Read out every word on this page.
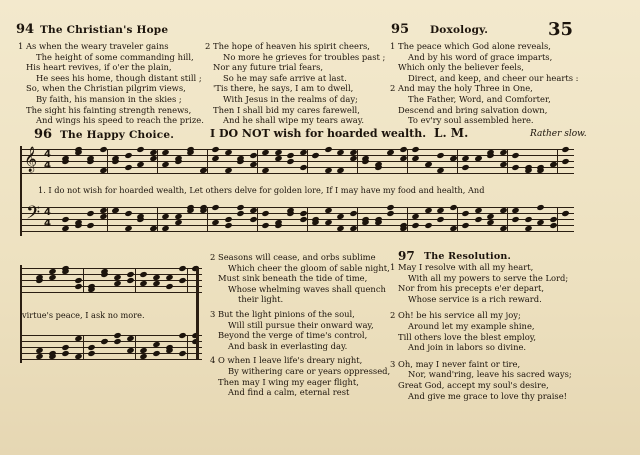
94 The Christian's Hope	95 Doxology.	35
1 As when the weary traveler gains
The height of some commanding hill,
His heart revives, if o'er the plain,
He sees his home, though distant still ;
So, when the Christian pilgrim views,
By faith, his mansion in the skies ;
The sight his fainting strength renews,
And wings his speed to reach the prize.
2 The hope of heaven his spirit cheers,
No more he grieves for troubles past ;
Nor any future trial fears,
So he may safe arrive at last.
'Tis there, he says, I am to dwell,
With Jesus in the realms of day;
Then I shall bid my cares farewell,
And he shall wipe my tears away.
1 The peace which God alone reveals,
And by his word of grace imparts,
Which only the believer feels,
Direct, and keep, and cheer our hearts :
2 And may the holy Three in One,
The Father, Word, and Comforter,
Descend and bring salvation down,
To ev'ry soul assembled here.
96 The Happy Choice.	I DO NOT wish for hoarded wealth. L. M.	Rather slow.
𝄞 4
4
1. I do not wish for hoarded wealth, Let others delve for golden lore, If I may have my food and health, And
𝄢 4
4
virtue's peace, I ask no more.
2 Seasons will cease, and orbs sublime
Which cheer the gloom of sable night,
Must sink beneath the tide of time,
Whose whelming waves shall quench
their light.
3 But the light pinions of the soul,
Will still pursue their onward way,
Beyond the verge of time's control,
And bask in everlasting day.
4 O when I leave life's dreary night,
By withering care or years oppressed,
Then may I wing my eager flight,
And find a calm, eternal rest
97 The Resolution.
1 May I resolve with all my heart,
With all my powers to serve the Lord;
Nor from his precepts e'er depart,
Whose service is a rich reward.
2 Oh! be his service all my joy;
Around let my example shine,
Till others love the blest employ,
And join in labors so divine.
3 Oh, may I never faint or tire,
Nor, wand'ring, leave his sacred ways;
Great God, accept my soul's desire,
And give me grace to love thy praise!
